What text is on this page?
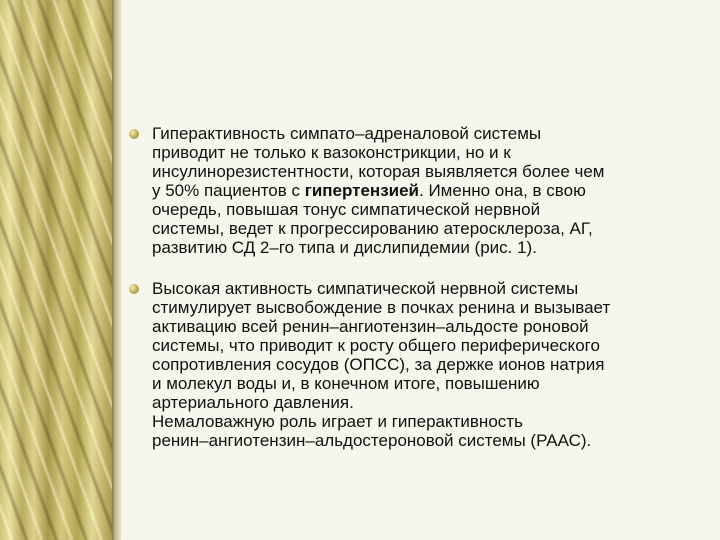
Гиперактивность симпато–адреналовой системы
приводит не только к вазоконстрикции, но и к
инсулинорезистентности, которая выявляется более чем
у 50% пациентов с гипертензией. Именно она, в свою
очередь, повышая тонус симпатической нервной
системы, ведет к прогрессированию атеросклероза, АГ,
развитию СД 2–го типа и дислипидемии (рис. 1).

Высокая активность симпатической нервной системы
стимулирует высвобождение в почках ренина и вызывает
активацию всей ренин–ангиотензин–альдосте роновой
системы, что приводит к росту общего периферического
сопротивления сосудов (ОПСС), за держке ионов натрия
и молекул воды и, в конечном итоге, повышению
артериального давления.
Немаловажную роль играет и гиперактивность
ренин–ангиотензин–альдостероновой системы (РААС).
